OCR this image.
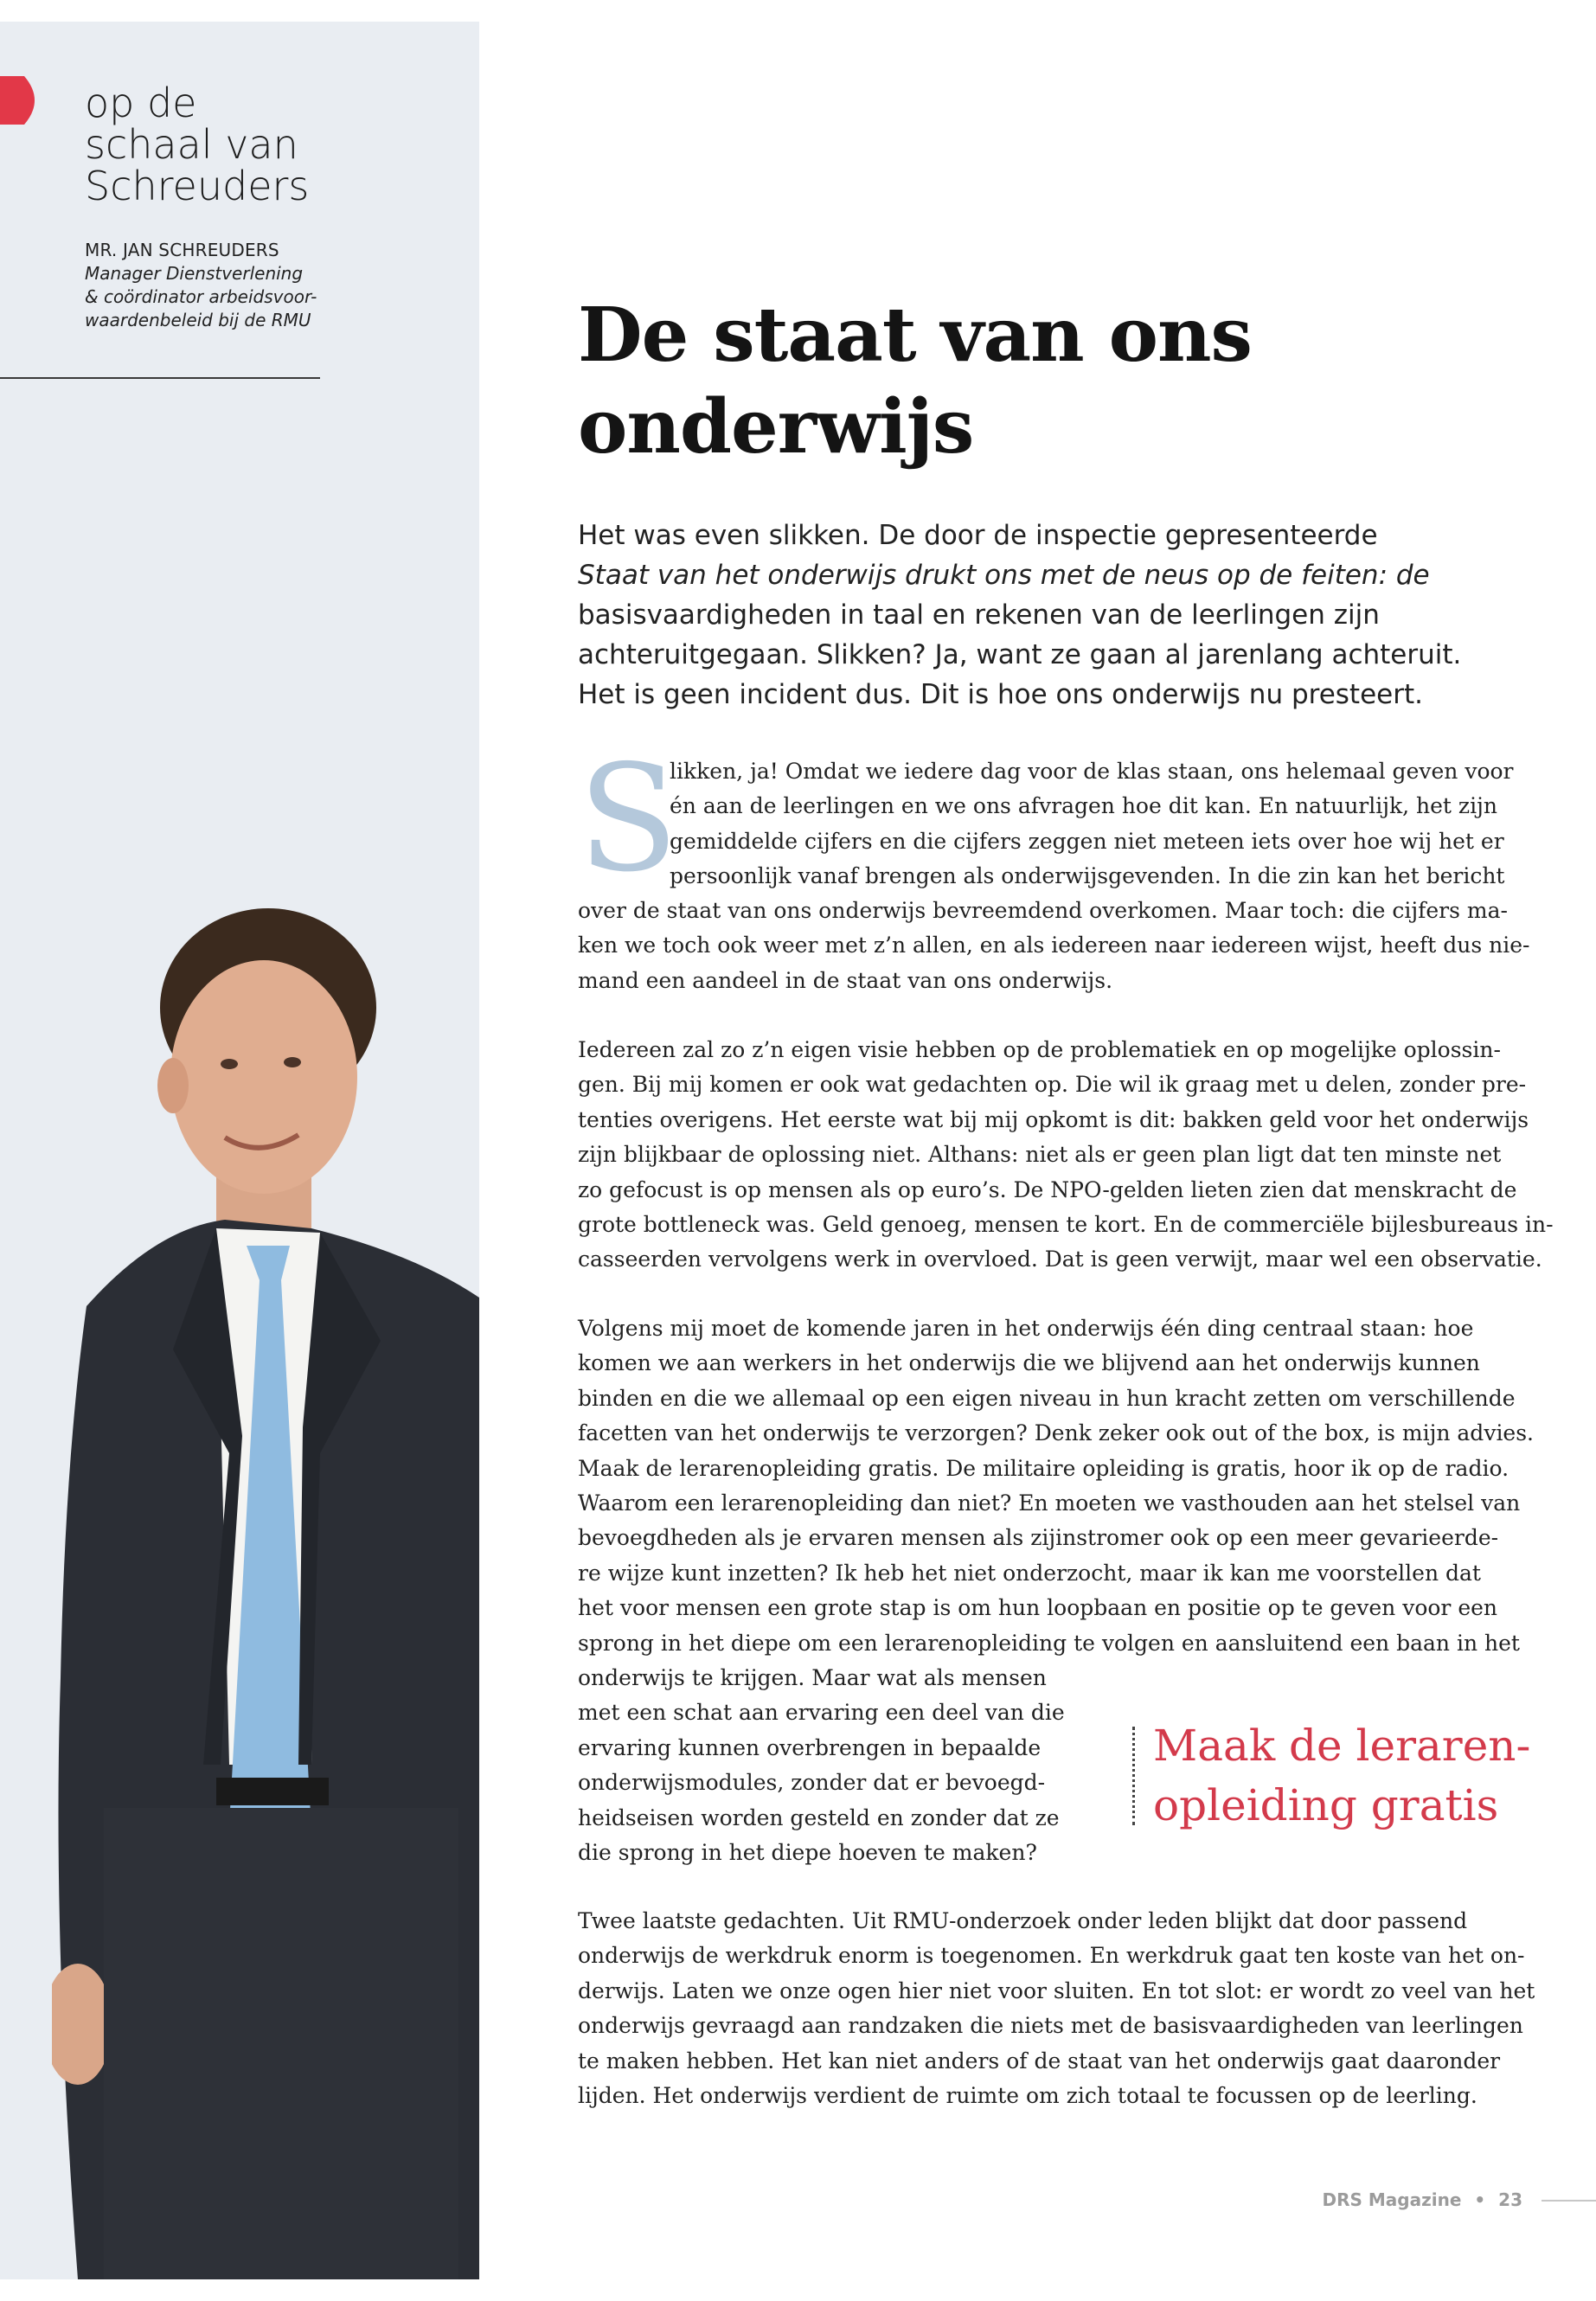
op de
schaal van
Schreuders
MR. JAN SCHREUDERS
Manager Dienstverlening
& coördinator arbeidsvoor-
waardenbeleid bij de RMU	De staat van ons
onderwijs
Het was even slikken. De door de inspectie gepresenteerde
Staat van het onderwijs drukt ons met de neus op de feiten: de
basisvaardigheden in taal en rekenen van de leerlingen zijn
achteruitgegaan. Slikken? Ja, want ze gaan al jarenlang achteruit.
Het is geen incident dus. Dit is hoe ons onderwijs nu presteert.
S
likken, ja! Omdat we iedere dag voor de klas staan, ons helemaal geven voor
én aan de leerlingen en we ons afvragen hoe dit kan. En natuurlijk, het zijn
gemiddelde cijfers en die cijfers zeggen niet meteen iets over hoe wij het er
persoonlijk vanaf brengen als onderwijsgevenden. In die zin kan het bericht
over de staat van ons onderwijs bevreemdend overkomen. Maar toch: die cijfers ma-
ken we toch ook weer met z’n allen, en als iedereen naar iedereen wijst, heeft dus nie-
mand een aandeel in de staat van ons onderwijs.
Iedereen zal zo z’n eigen visie hebben op de problematiek en op mogelijke oplossin-
gen. Bij mij komen er ook wat gedachten op. Die wil ik graag met u delen, zonder pre-
tenties overigens. Het eerste wat bij mij opkomt is dit: bakken geld voor het onderwijs
zijn blijkbaar de oplossing niet. Althans: niet als er geen plan ligt dat ten minste net
zo gefocust is op mensen als op euro’s. De NPO-gelden lieten zien dat menskracht de
grote bottleneck was. Geld genoeg, mensen te kort. En de commerciële bijlesbureaus in-
casseerden vervolgens werk in overvloed. Dat is geen verwijt, maar wel een observatie.
Volgens mij moet de komende jaren in het onderwijs één ding centraal staan: hoe
komen we aan werkers in het onderwijs die we blijvend aan het onderwijs kunnen
binden en die we allemaal op een eigen niveau in hun kracht zetten om verschillende
facetten van het onderwijs te verzorgen? Denk zeker ook out of the box, is mijn advies.
Maak de lerarenopleiding gratis. De militaire opleiding is gratis, hoor ik op de radio.
Waarom een lerarenopleiding dan niet? En moeten we vasthouden aan het stelsel van
bevoegdheden als je ervaren mensen als zijinstromer ook op een meer gevarieerde-
re wijze kunt inzetten? Ik heb het niet onderzocht, maar ik kan me voorstellen dat
het voor mensen een grote stap is om hun loopbaan en positie op te geven voor een
sprong in het diepe om een lerarenopleiding te volgen en aansluitend een baan in het
onderwijs te krijgen. Maar wat als mensen
met een schat aan ervaring een deel van die
ervaring kunnen overbrengen in bepaalde
onderwijsmodules, zonder dat er bevoegd-
heidseisen worden gesteld en zonder dat ze
die sprong in het diepe hoeven te maken?
Maak de leraren-
opleiding gratis
Twee laatste gedachten. Uit RMU-onderzoek onder leden blijkt dat door passend
onderwijs de werkdruk enorm is toegenomen. En werkdruk gaat ten koste van het on-
derwijs. Laten we onze ogen hier niet voor sluiten. En tot slot: er wordt zo veel van het
onderwijs gevraagd aan randzaken die niets met de basisvaardigheden van leerlingen
te maken hebben. Het kan niet anders of de staat van het onderwijs gaat daaronder
lijden. Het onderwijs verdient de ruimte om zich totaal te focussen op de leerling.
DRS Magazine • 23
